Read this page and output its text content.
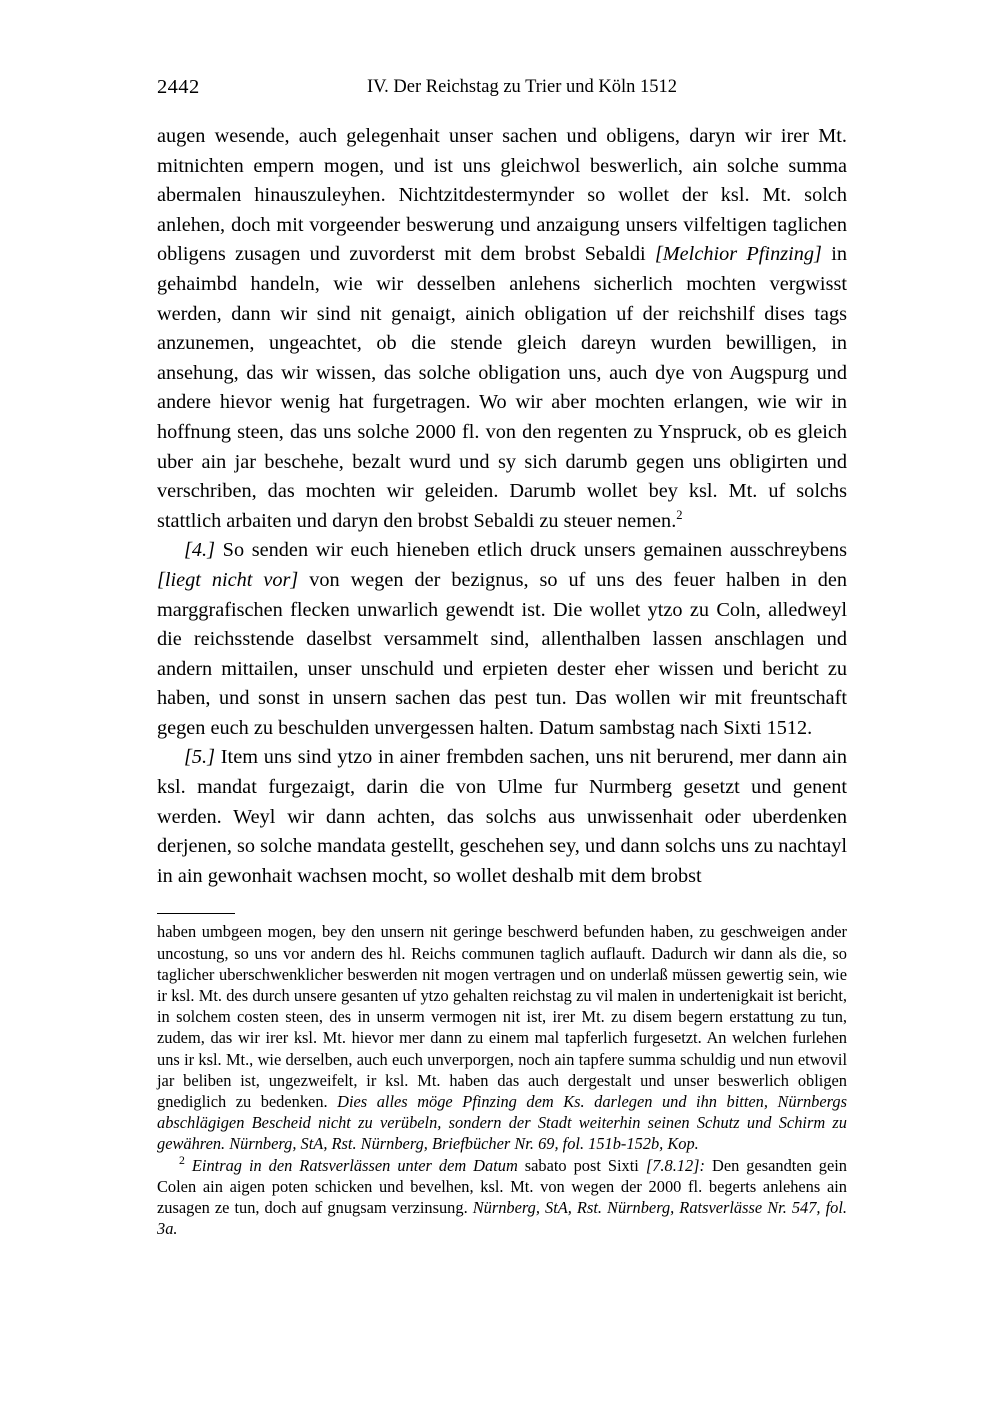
2442	IV. Der Reichstag zu Trier und Köln 1512

augen wesende, auch gelegenhait unser sachen und obligens, daryn wir irer Mt. mitnichten empern mogen, und ist uns gleichwol beswerlich, ain solche summa abermalen hinauszuleyhen. Nichtzitdestermynder so wollet der ksl. Mt. solch anlehen, doch mit vorgeender beswerung und anzaigung unsers vilfeltigen taglichen obligens zusagen und zuvorderst mit dem brobst Sebaldi [Melchior Pfinzing] in gehaimbd handeln, wie wir desselben anlehens sicherlich mochten vergwisst werden, dann wir sind nit genaigt, ainich obligation uf der reichshilf dises tags anzunemen, ungeachtet, ob die stende gleich dareyn wurden bewilligen, in ansehung, das wir wissen, das solche obligation uns, auch dye von Augspurg und andere hievor wenig hat furgetragen. Wo wir aber mochten erlangen, wie wir in hoffnung steen, das uns solche 2000 fl. von den regenten zu Ynspruck, ob es gleich uber ain jar beschehe, bezalt wurd und sy sich darumb gegen uns obligirten und verschriben, das mochten wir geleiden. Darumb wollet bey ksl. Mt. uf solchs stattlich arbaiten und daryn den brobst Sebaldi zu steuer nemen.$^2$

[4.] So senden wir euch hieneben etlich druck unsers gemainen ausschreybens [liegt nicht vor] von wegen der bezignus, so uf uns des feuer halben in den marggrafischen flecken unwarlich gewendt ist. Die wollet ytzo zu Coln, alledweyl die reichsstende daselbst versammelt sind, allenthalben lassen anschlagen und andern mittailen, unser unschuld und erpieten dester eher wissen und bericht zu haben, und sonst in unsern sachen das pest tun. Das wollen wir mit freuntschaft gegen euch zu beschulden unvergessen halten. Datum sambstag nach Sixti 1512.

[5.] Item uns sind ytzo in ainer frembden sachen, uns nit berurend, mer dann ain ksl. mandat furgezaigt, darin die von Ulme fur Nurmberg gesetzt und genent werden. Weyl wir dann achten, das solchs aus unwissenhait oder uberdenken derjenen, so solche mandata gestellt, geschehen sey, und dann solchs uns zu nachtayl in ain gewonhait wachsen mocht, so wollet deshalb mit dem brobst

haben umbgeen mogen, bey den unsern nit geringe beschwerd befunden haben, zu geschweigen ander uncostung, so uns vor andern des hl. Reichs communen taglich auflauft. Dadurch wir dann als die, so taglicher uberschwenklicher beswerden nit mogen vertragen und on underlaß müssen gewertig sein, wie ir ksl. Mt. des durch unsere gesanten uf ytzo gehalten reichstag zu vil malen in undertenigkait ist bericht, in solchem costen steen, des in unserm vermogen nit ist, irer Mt. zu disem begern erstattung zu tun, zudem, das wir irer ksl. Mt. hievor mer dann zu einem mal tapferlich furgesetzt. An welchen furlehen uns ir ksl. Mt., wie derselben, auch euch unverporgen, noch ain tapfere summa schuldig und nun etwovil jar beliben ist, ungezweifelt, ir ksl. Mt. haben das auch dergestalt und unser beswerlich obligen gnediglich zu bedenken. Dies alles möge Pfinzing dem Ks. darlegen und ihn bitten, Nürnbergs abschlägigen Bescheid nicht zu verübeln, sondern der Stadt weiterhin seinen Schutz und Schirm zu gewähren. Nürnberg, StA, Rst. Nürnberg, Briefbücher Nr. 69, fol. 151b-152b, Kop.

$^2$ Eintrag in den Ratsverlässen unter dem Datum sabato post Sixti [7.8.12]: Den gesandten gein Colen ain aigen poten schicken und bevelhen, ksl. Mt. von wegen der 2000 fl. begerts anlehens ain zusagen ze tun, doch auf gnugsam verzinsung. Nürnberg, StA, Rst. Nürnberg, Ratsverlässe Nr. 547, fol. 3a.
